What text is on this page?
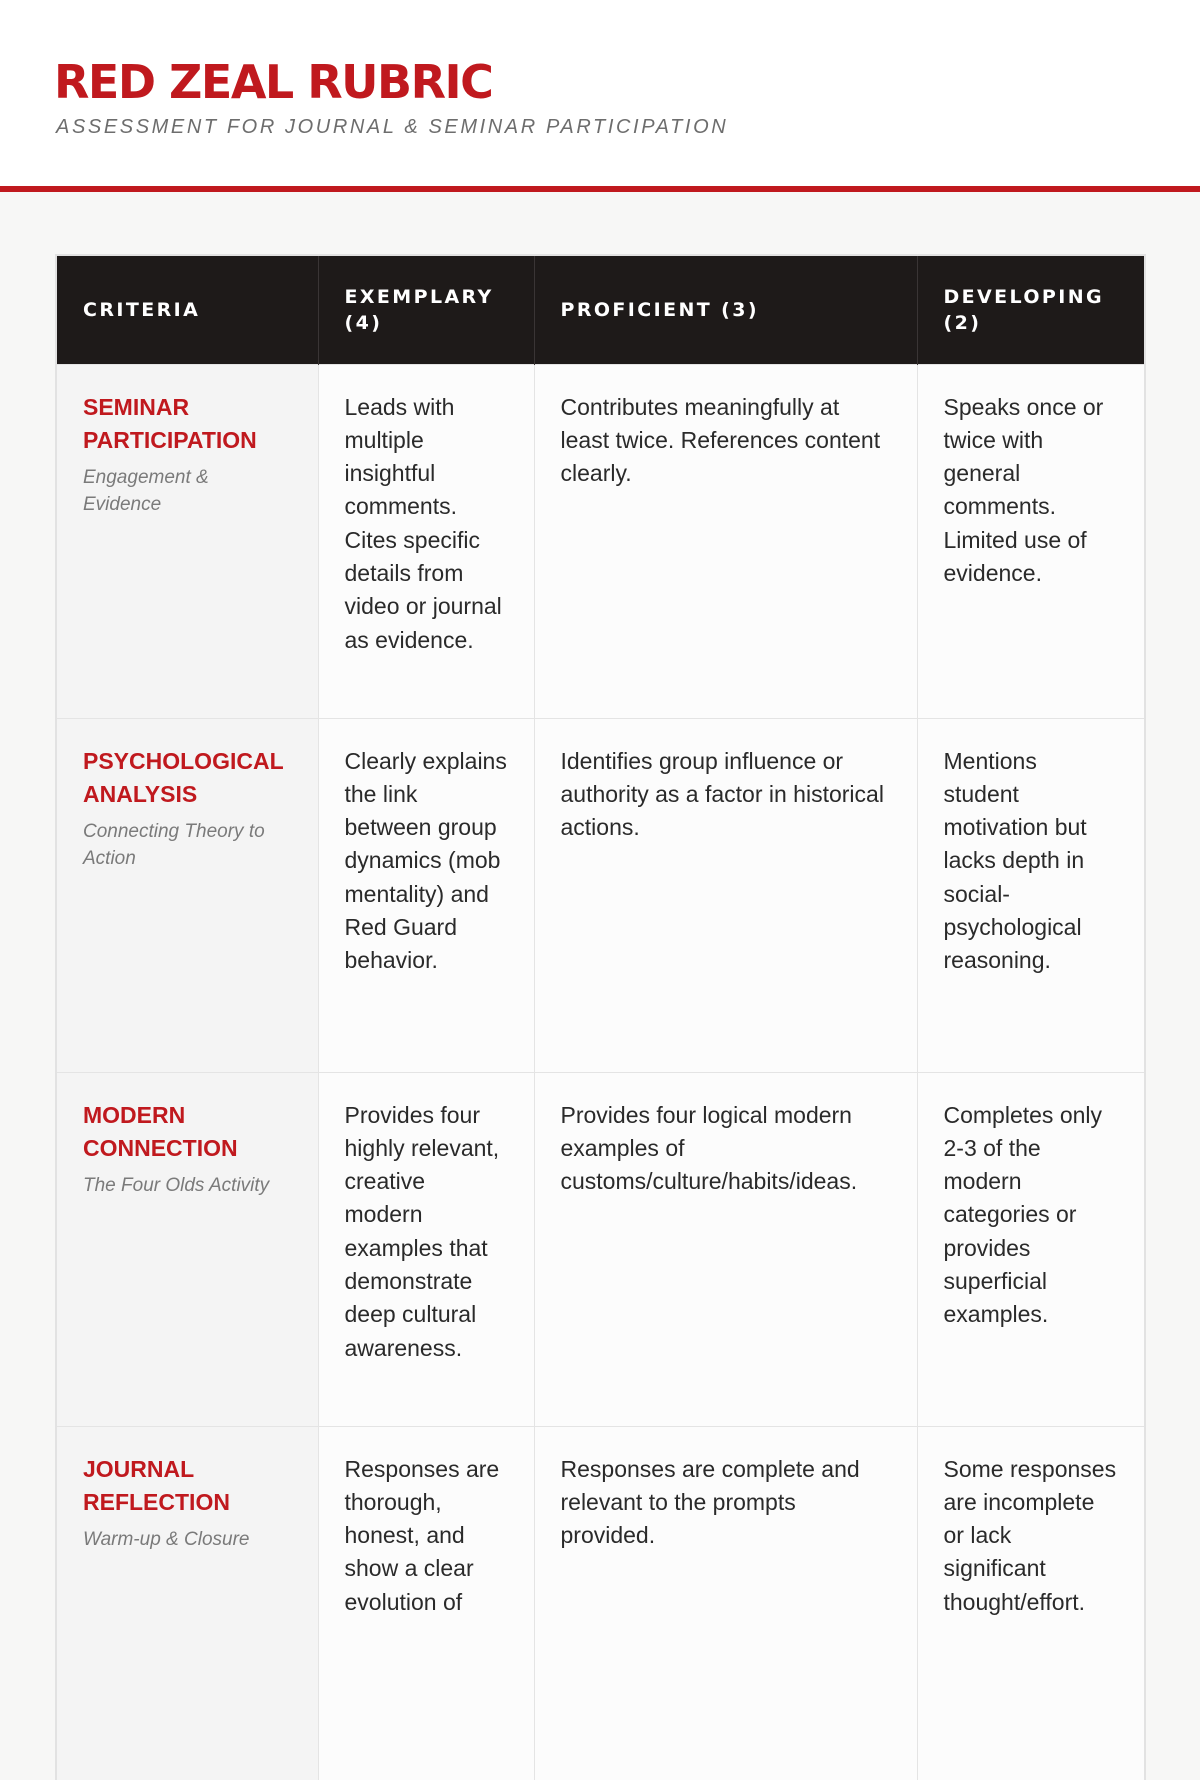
RED ZEAL RUBRIC

ASSESSMENT FOR JOURNAL & SEMINAR PARTICIPATION

CRITERIA	EXEMPLARY (4)	PROFICIENT (3)	DEVELOPING (2)

SEMINAR PARTICIPATION
Engagement & Evidence	Leads with multiple insightful comments. Cites specific details from video or journal as evidence.	Contributes meaningfully at least twice. References content clearly.	Speaks once or twice with general comments. Limited use of evidence.

PSYCHOLOGICAL ANALYSIS
Connecting Theory to Action	Clearly explains the link between group dynamics (mob mentality) and Red Guard behavior.	Identifies group influence or authority as a factor in historical actions.	Mentions student motivation but lacks depth in social-psychological reasoning.

MODERN CONNECTION
The Four Olds Activity	Provides four highly relevant, creative modern examples that demonstrate deep cultural awareness.	Provides four logical modern examples of customs/culture/habits/ideas.	Completes only 2-3 of the modern categories or provides superficial examples.

JOURNAL REFLECTION
Warm-up & Closure	Responses are thorough, honest, and show a clear evolution of	Responses are complete and relevant to the prompts provided.	Some responses are incomplete or lack significant thought/effort.
